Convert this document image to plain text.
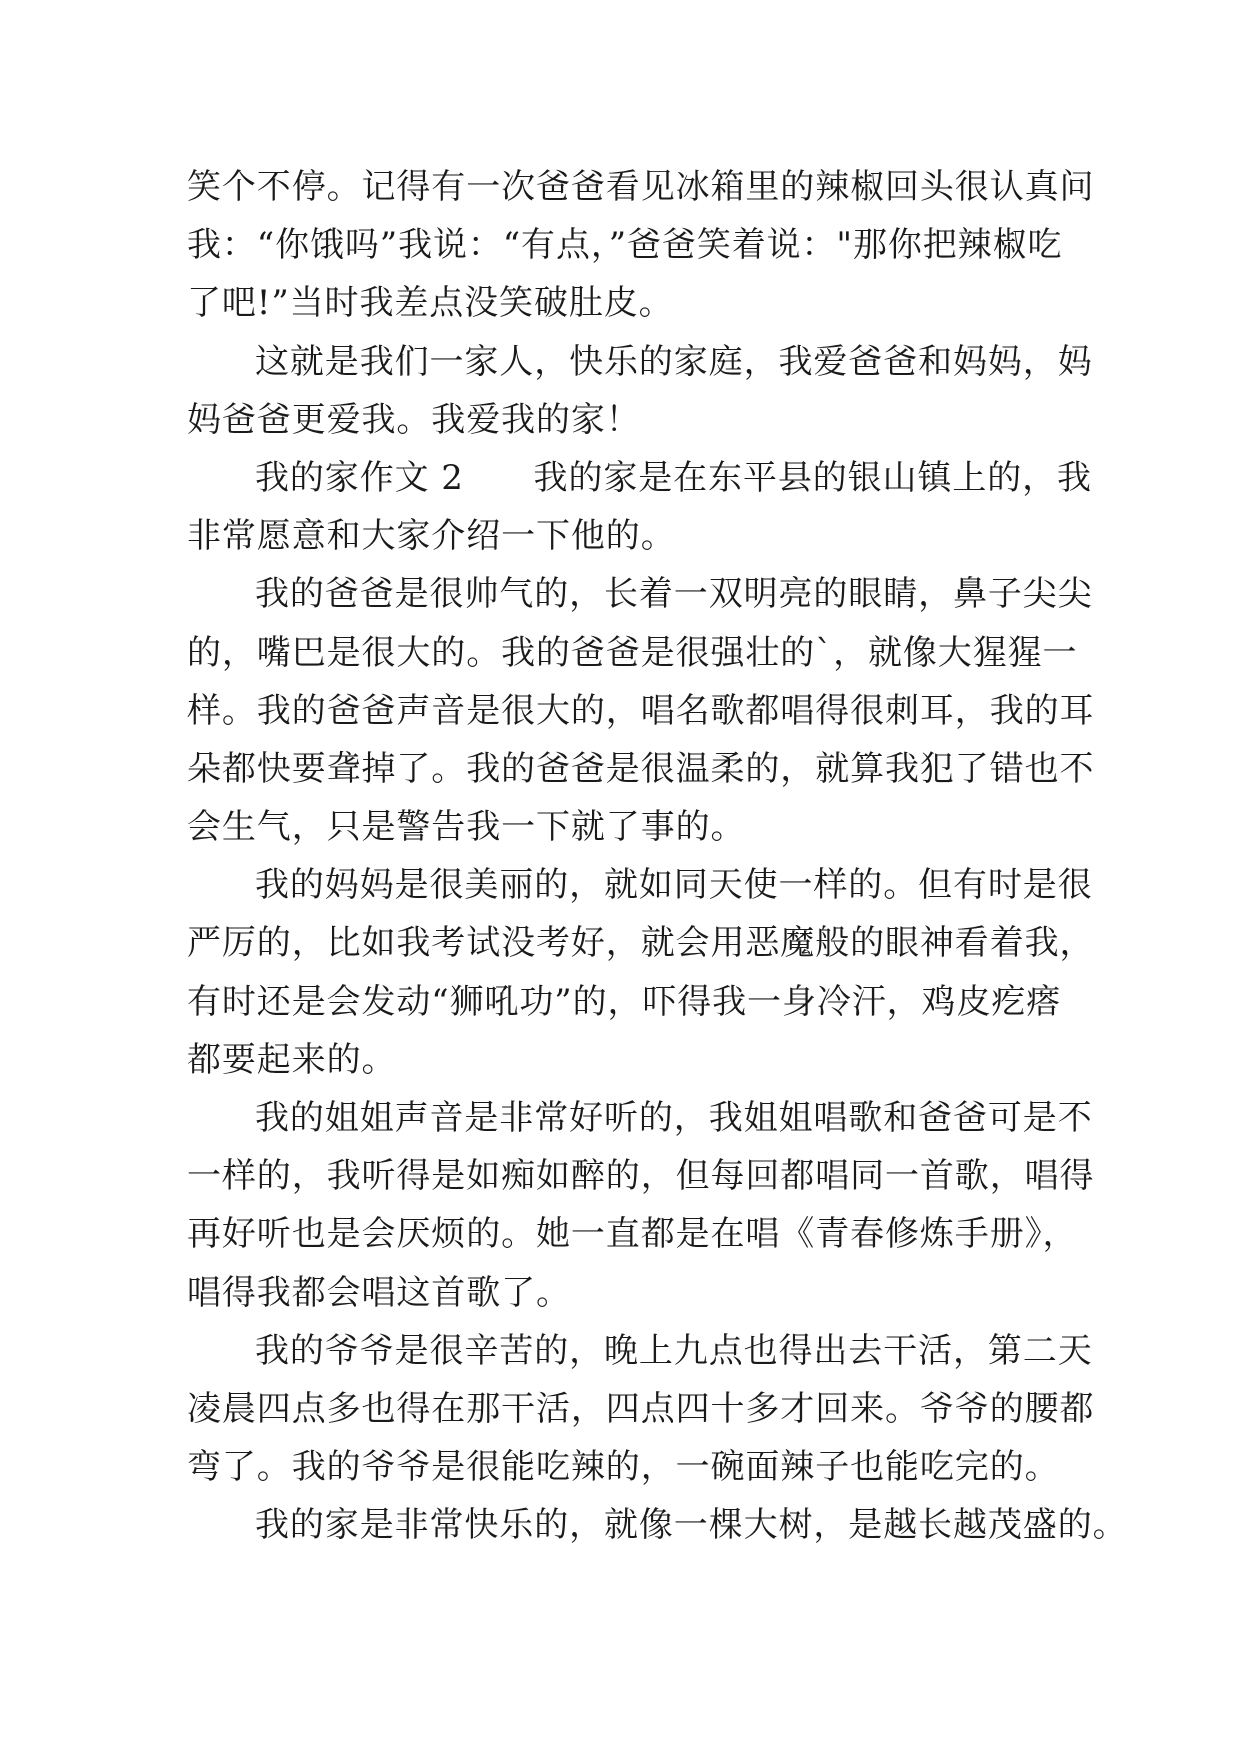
笑个不停。记得有一次爸爸看见冰箱里的辣椒回头很认真问
我：“你饿吗”我说：“有点，”爸爸笑着说："那你把辣椒吃
了吧!”当时我差点没笑破肚皮。
这就是我们一家人，快乐的家庭，我爱爸爸和妈妈，妈
妈爸爸更爱我。我爱我的家！
我的家作文 2　　我的家是在东平县的银山镇上的，我
非常愿意和大家介绍一下他的。
我的爸爸是很帅气的，长着一双明亮的眼睛，鼻子尖尖
的，嘴巴是很大的。我的爸爸是很强壮的`，就像大猩猩一
样。我的爸爸声音是很大的，唱名歌都唱得很刺耳，我的耳
朵都快要聋掉了。我的爸爸是很温柔的，就算我犯了错也不
会生气，只是警告我一下就了事的。
我的妈妈是很美丽的，就如同天使一样的。但有时是很
严厉的，比如我考试没考好，就会用恶魔般的眼神看着我，
有时还是会发动“狮吼功”的，吓得我一身冷汗，鸡皮疙瘩
都要起来的。
我的姐姐声音是非常好听的，我姐姐唱歌和爸爸可是不
一样的，我听得是如痴如醉的，但每回都唱同一首歌，唱得
再好听也是会厌烦的。她一直都是在唱《青春修炼手册》，
唱得我都会唱这首歌了。
我的爷爷是很辛苦的，晚上九点也得出去干活，第二天
凌晨四点多也得在那干活，四点四十多才回来。爷爷的腰都
弯了。我的爷爷是很能吃辣的，一碗面辣子也能吃完的。
我的家是非常快乐的，就像一棵大树，是越长越茂盛的。
